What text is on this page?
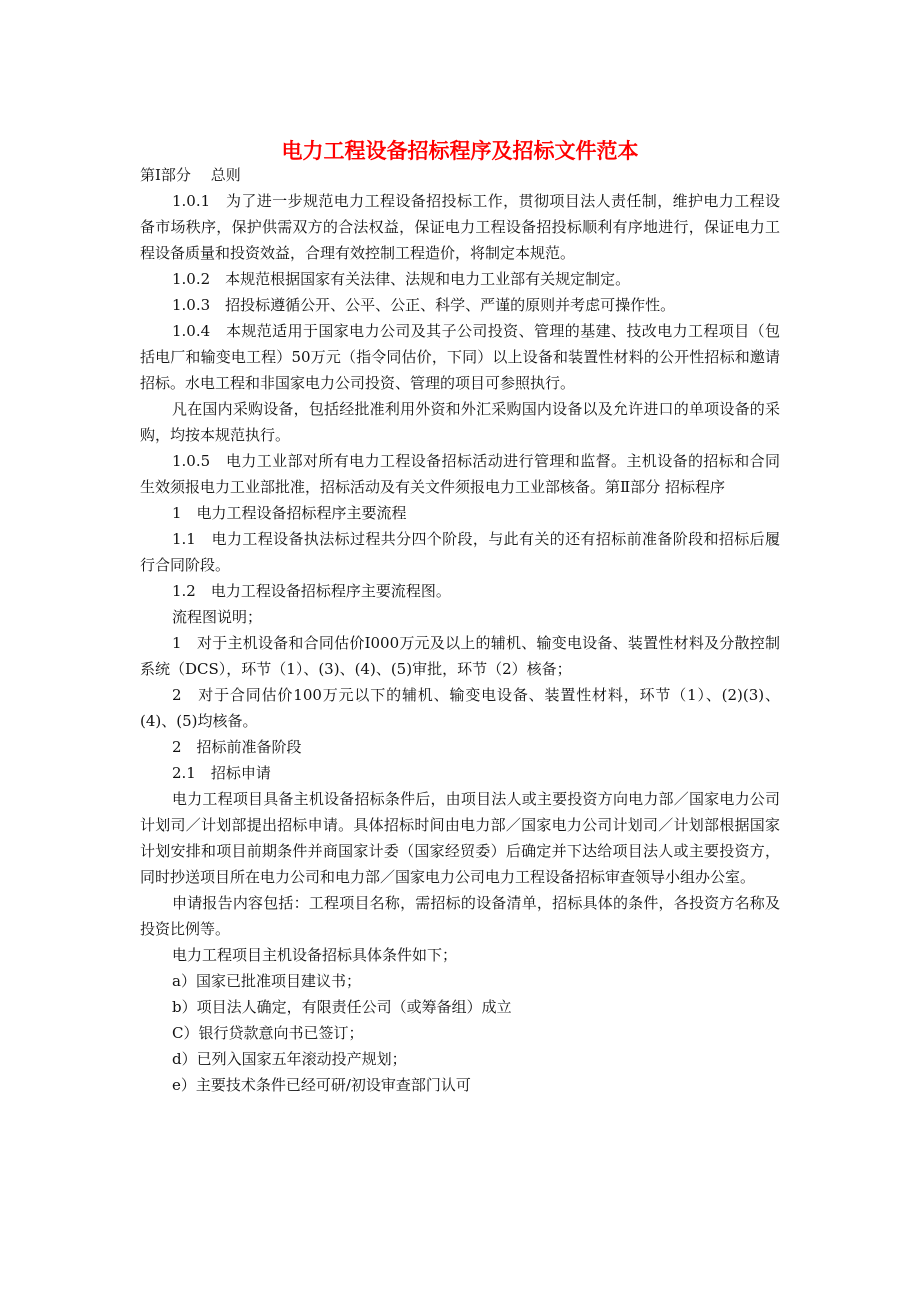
电力工程设备招标程序及招标文件范本

第Ⅰ部分　 总则

1.0.1　为了进一步规范电力工程设备招投标工作，贯彻项目法人责任制，维护电力工程设备市场秩序，保护供需双方的合法权益，保证电力工程设备招投标顺利有序地进行，保证电力工程设备质量和投资效益，合理有效控制工程造价，将制定本规范。

1.0.2　本规范根据国家有关法律、法规和电力工业部有关规定制定。

1.0.3　招投标遵循公开、公平、公正、科学、严谨的原则并考虑可操作性。

1.0.4　本规范适用于国家电力公司及其子公司投资、管理的基建、技改电力工程项目（包括电厂和输变电工程）50万元（指令同估价，下同）以上设备和装置性材料的公开性招标和邀请招标。水电工程和非国家电力公司投资、管理的项目可参照执行。

凡在国内采购设备，包括经批准利用外资和外汇采购国内设备以及允许进口的单项设备的采购，均按本规范执行。

1.0.5　电力工业部对所有电力工程设备招标活动进行管理和监督。主机设备的招标和合同生效须报电力工业部批准，招标活动及有关文件须报电力工业部核备。第Ⅱ部分 招标程序

1　电力工程设备招标程序主要流程

1.1　电力工程设备执法标过程共分四个阶段，与此有关的还有招标前准备阶段和招标后履行合同阶段。

1.2　电力工程设备招标程序主要流程图。

流程图说明；

1　对于主机设备和合同估价I000万元及以上的辅机、输变电设备、装置性材料及分散控制系统（DCS），环节（1）、(3)、(4)、(5)审批，环节（2）核备；

2　对于合同估价100万元以下的辅机、输变电设备、装置性材料，环节（1）、(2)(3)、(4)、(5)均核备。

2　招标前准备阶段

2.1　招标申请

电力工程项目具备主机设备招标条件后，由项目法人或主要投资方向电力部／国家电力公司计划司／计划部提出招标申请。具体招标时间由电力部／国家电力公司计划司／计划部根据国家计划安排和项目前期条件并商国家计委（国家经贸委）后确定并下达给项目法人或主要投资方，同时抄送项目所在电力公司和电力部／国家电力公司电力工程设备招标审查领导小组办公室。

申请报告内容包括：工程项目名称，需招标的设备清单，招标具体的条件，各投资方名称及投资比例等。

电力工程项目主机设备招标具体条件如下；

a）国家已批准项目建议书；

b）项目法人确定，有限责任公司（或筹备组）成立

C）银行贷款意向书已签订；

d）已列入国家五年滚动投产规划；

e）主要技术条件已经可研/初设审查部门认可
